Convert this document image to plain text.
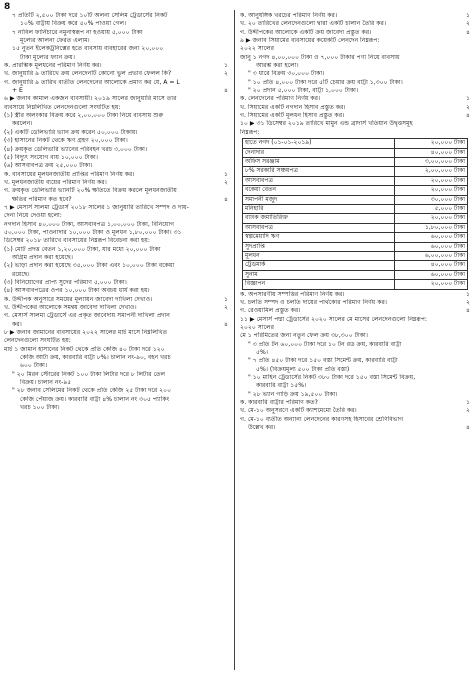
8
৭ প্রতিটি ২,৫০০ টাকা দরে ১০টি অলনা সেলিম ট্রেডার্সের নিকট
১০% বাট্টায় বিক্রয় করে ৫০% পাওয়া গেল।
৭ নাবিল ফার্নিচারে নমুনাস্বরূপ না হওয়ায় ৫,০০০ টাকা
মূল্যের আলনা ফেরত এলাম।
১৫ নুতন ইলেকট্রনিক্সের হতে ব্যবসায় ব্যবহারের জন্য ২০,০০০
টাকা মূল্যের ফ্যান ক্রয়।
১
ক. প্রারম্ভিক মূলধনের পরিমাণ নির্ণয় কর।
২
খ. জানুয়ারি ৯ তারিখে ক্রয় লেনদেনটি কোনো ভুল প্রভাব ফেলল কি?
গ. জানুয়ারি ৯ তারিখ ব্যতীত লেনদেনের আলোকে প্রমাণ কর যে, A = L
৪
+ E
৬ ▶ জনাব কামাল একজন ব্যবসায়ী। ২০১৯ সালের জানুয়ারি মাসে তার
ব্যবসায়ে নিম্নলিখিত লেনদেনগুলো সংঘটিত হয়:
(১) স্ত্রীর অলংকার বিক্রয় করে ২,০০,০০০ টাকা নিয়ে ব্যবসায় শুরু
করলেন।
(২) একটি ডেলিভারি ভ্যান ক্রয় করেন ৫০,০০০ টাকায়।
(৩) হাসানের নিকট থেকে ঋণ গ্রহণ ২০,০০০ টাকা।
(৪) ক্রয়কৃত ডেলিভারি ভ্যানের পরিবহন খরচ ৩,০০০ টাকা।
(৫) বিদ্যুৎ সংযোগ ব্যয় ১০,০০০ টাকা।
(৬) আসবাবপত্র ক্রয় ২৫,০০০ টাকা।
১
ক. ব্যবসায়ের মূলধনজাতীয় প্রাপ্তির পরিমাণ নির্ণয় কর।
২
খ. মূলধনজাতীয় ব্যয়ের পরিমাণ নির্ণয় কর।
গ. ক্রয়কৃত ডেলিভারি ভ্যানটি ২০% ক্ষতিতে বিক্রয় করলে মূলধনজাতীয়
৪
ক্ষতির পরিমাণ কত হবে?
৭ ▶ মেসার্স সালমা ট্রেডার্স ২০১৮ সালের ১ জানুয়ারি তারিখে সম্পদ ও দায়-
দেনা নিয়ে দেওয়া হলো:
নগদান হিসাব ৪০,০০০ টাকা, আসবাবপত্র ১,০০,০০০ টাকা, বিনিয়োগ
৫০,০০০ টাকা, পাওনাদার ১০,০০০ টাকা ও মূলধন ১,৮০,০০০ টাকা। ৩১
ডিসেম্বর ২০১৮ তারিখে ব্যবসায়ের নিম্নরূপ বিবেচনা করা হয়:
(১) মোট প্রদত্ত বেতন ১,২০,০০০ টাকা, যার মধ্যে ২০,০০০ টাকা
অগ্রিম প্রদান করা হয়েছে।
(২) ভাড়া প্রদান করা হয়েছে ৩৫,০০০ টাকা এবং ১০,০০০ টাকা বকেয়া
রয়েছে।
(৩) বিনিয়োগের প্রাপ্য সুদের পরিমাণ ৫,০০০ টাকা।
(৪) আসবাবপত্রের ওপর ১০,০০০ টাকা অবচয় ধার্য করা হয়।
১
ক. উদ্দীপক অনুসারে সময়ের মূল্যায়ন জাবেদা দাখিলা দেখাও।
২
খ. উদ্দীপকের আলোকে সমন্বয় জাবেদা দাখিলা দেখাও।
গ. মেসার্স সালমা ট্রেডার্সে এর প্রকৃত জাবেদায় সমাপনী দাখিলা প্রদান
৪
কর।
৮ ▶ জনাব জামানের ব্যবসায়ের ২০২২ সালের মার্চ মাসে নিম্নলিখিত
লেনদেনগুলো সংঘটিত হয়:
মার্চ ১ জামান হাসানের নিকট থেকে প্রতি কেজি ৪০ টাকা দরে ১২০
কেজি আটা ক্রয়, কারবারি বাট্টা ৮%। চালান নং-৯০, বহন খরচ
৬০০ টাকা।
" ২০ মিরন স্টোরের নিকট ১০০ টাকা লিটার দরে ৮ লিটার তেল
বিক্রয়। চালান নং-৯৫
" ২৮ জনাব সেলিমের নিকট থেকে প্রতি কেজি ২৫ টাকা দরে ২০০
কেজি পেঁয়াজ ক্রয়। কারবারি বাট্টা ৪% চালান নং ৩০৫ প্যাকিং
খরচ ১০০ টাকা।
১
ক. আনুষঙ্গিক খরচের পরিমাণ নির্ণয় কর।
২
খ. ২০ তারিখের লেনদেনগুলো দ্বারা একটি চালান তৈরি কর।
৪
গ. উদ্দীপকের আলোকে একটি ক্রয় জাবেদা প্রস্তুত কর।
৯ ▶ জনাব সিয়ামের ব্যবসায়ের কয়েকটি লেনদেন নিম্নরূপ:
২০২২ সালের
জানু ১ নগদ ৪,০০,০০০ টাকা ও ৭,০০০ টাকার পণ্য নিয়ে ব্যবসায়
আরম্ভ করা হলো।
" ৩ ধারে বিক্রয় ৩০,০০০ টাকা।
" ১০ প্রতি ৪,০০০ টাকা দরে ৫টি চেয়ার ক্রয় বাট্টা ১,৩০০ টাকা।
" ২০ প্রদান ৫,০০০ টাকা, বাট্টা ১,০০০ টাকা।
১
ক. লেনদেনের পরিমাণ নির্ণয় কর।
২
খ. সিয়ামের একটি নগদান হিসাব প্রস্তুত কর।
৪
গ. সিয়ামের একটি মূলধন হিসাব প্রস্তুত কর।
১০ ▶ ৩১ ডিসেম্বর ২০১৯ তারিখে মামুন এন্ড ব্রাদার্স খতিয়ান উদ্বৃত্তসমূহ
নিম্নরূপ:
হাতে নগদ (০১-০১-২০১৯)	২০,০০০ টাকা
দেনাদার	৪০,০০০ টাকা
অফিস সরঞ্জাম	৩,০০,০০০ টাকা
৮% সরকারি সঞ্চয়পত্র	২,০০,০০০ টাকা
আসবাবপত্র	২০,০০০ টাকা
বকেয়া বেতন	২০,০০০ টাকা
সমাপনী মজুদ	৩০,০০০ টাকা
মনিহারি	৫,০০০ টাকা
ব্যাংক জমাতিরিক্ত	২০,০০০ টাকা
আসবাবপত্র	১,৮০,০০০ টাকা
স্বল্পমেয়াদি ঋণ	৬০,০০০ টাকা
সুদপ্রাপ্তি	৬০,০০০ টাকা
মূলধন	৬,০০,০০০ টাকা
ট্রেডমার্ক	৪০,০০০ টাকা
সুনাম	৬০,০০০ টাকা
বিজ্ঞাপন	২০,০০০ টাকা
১
ক. অপসারণীয় সম্পত্তির পরিমাণ নির্ণয় কর।
২
খ. চলতি সম্পদ ও চলতি দায়ের পার্থক্যের পরিমাণ নির্ণয় কর।
৪
গ. রেওয়ামিল প্রস্তুত কর।
১১ ▶ মেসার্স পদ্মা ট্রেডার্সের ২০২০ সালের মে মাসের লেনদেনগুলো নিম্নরূপ:
২০২০ সালের
মে ১ পরিমিতের জন্য নতুন ফেল ক্রয় ৩৮,৩০০ টাকা।
" ৩ প্রতি টন ৬০,০০০ টাকা দরে ১০ টন রড ক্রয়, কারবারি বাট্টা
৫%।
" ৭ প্রতি ৪৫০ টাকা দরে ১৫০ বস্তা সিমেন্ট ক্রয়, কারবারি বাট্টা
৫%। (বিক্রয়মূল্য ৫০০ টাকা প্রতি বস্তা)
" ১০ মাহিন ট্রেডার্সের নিকট ৩৮০ টাকা দরে ১৫০ বস্তা সিমেন্ট বিক্রয়,
কারবারি বাট্টা ১৫%।
" ২৮ ভ্যান গাড়ি ক্রয় ১৯,৫০০ টাকা।
১
ক. কারবারি বাট্টার পরিমাণ কত?
২
খ. মে-১০ অনুসরণে একটি ক্যাশমেমো তৈরি কর।
গ. মে-১০ ব্যতীত অন্যান্য লেনদেনের কারণসহ হিসাবের শ্রেণিবিভাগ
৪
উল্লেখ কর।
